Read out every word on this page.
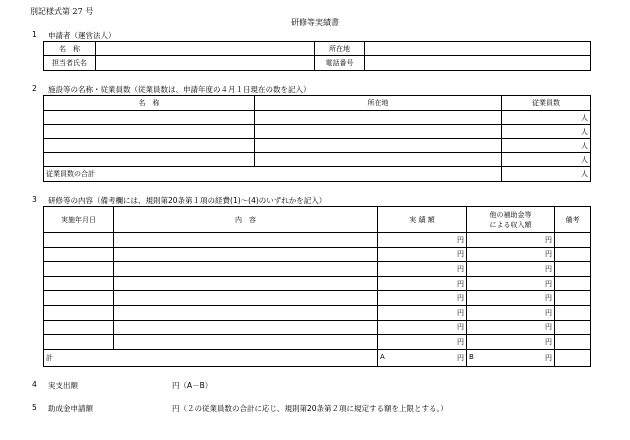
別記様式第 27 号
研修等実績書
1 申請者（運営法人）
名　称		所在地	
担当者氏名		電話番号	
2 施設等の名称・従業員数（従業員数は、申請年度の４月１日現在の数を記入）
名　称	所在地	従業員数
		人
		人
		人
		人
従業員数の合計		人
3 研修等の内容（備考欄には、規則第20条第１項の経費(1)～(4)のいずれかを記入）
実施年月日	内　容	実 績 額	他の補助金等
による収入額	備考
		円	円	
		円	円	
		円	円	
		円	円	
		円	円	
		円	円	
		円	円	
		円	円	
計		A 円	B 円	

4 実支出額	円（A－B）
5 助成金申請額	円（２の従業員数の合計に応じ、規則第20条第２項に規定する額を上限とする。）
